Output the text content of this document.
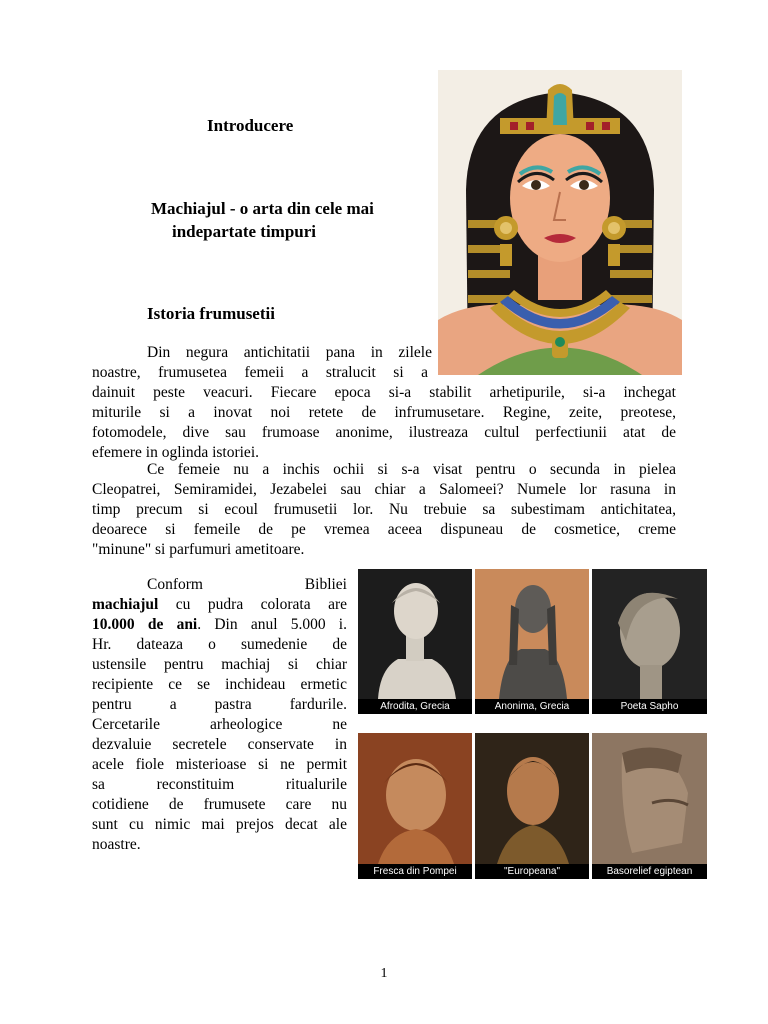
Introducere
Machiajul - o arta din cele mai
indepartate timpuri
Istoria frumusetii
Din negura antichitatii pana in zilele
noastre, frumusetea femeii a stralucit si a
dainuit peste veacuri. Fiecare epoca si-a stabilit arhetipurile, si-a inchegat
miturile si a inovat noi retete de infrumusetare. Regine, zeite, preotese,
fotomodele, dive sau frumoase anonime, ilustreaza cultul perfectiunii atat de
efemere in oglinda istoriei.
Ce femeie nu a inchis ochii si s-a visat pentru o secunda in pielea
Cleopatrei, Semiramidei, Jezabelei sau chiar a Salomeei? Numele lor rasuna in
timp precum si ecoul frumusetii lor. Nu trebuie sa subestimam antichitatea,
deoarece si femeile de pe vremea aceea dispuneau de cosmetice, creme
"minune" si parfumuri ametitoare.
Conform	Bibliei
machiajul cu pudra colorata are
10.000 de ani. Din anul 5.000 i.
Hr. dateaza o sumedenie de
ustensile pentru machiaj si chiar
recipiente ce se inchideau ermetic
pentru a pastra fardurile.
Cercetarile arheologice ne
dezvaluie secretele conservate in
acele fiole misterioase si ne permit
sa reconstituim ritualurile
cotidiene de frumusete care nu
sunt cu nimic mai prejos decat ale
noastre.
Afrodita, Grecia	Anonima, Grecia	Poeta Sapho
Fresca din Pompei	"Europeana"	Basorelief egiptean
1
